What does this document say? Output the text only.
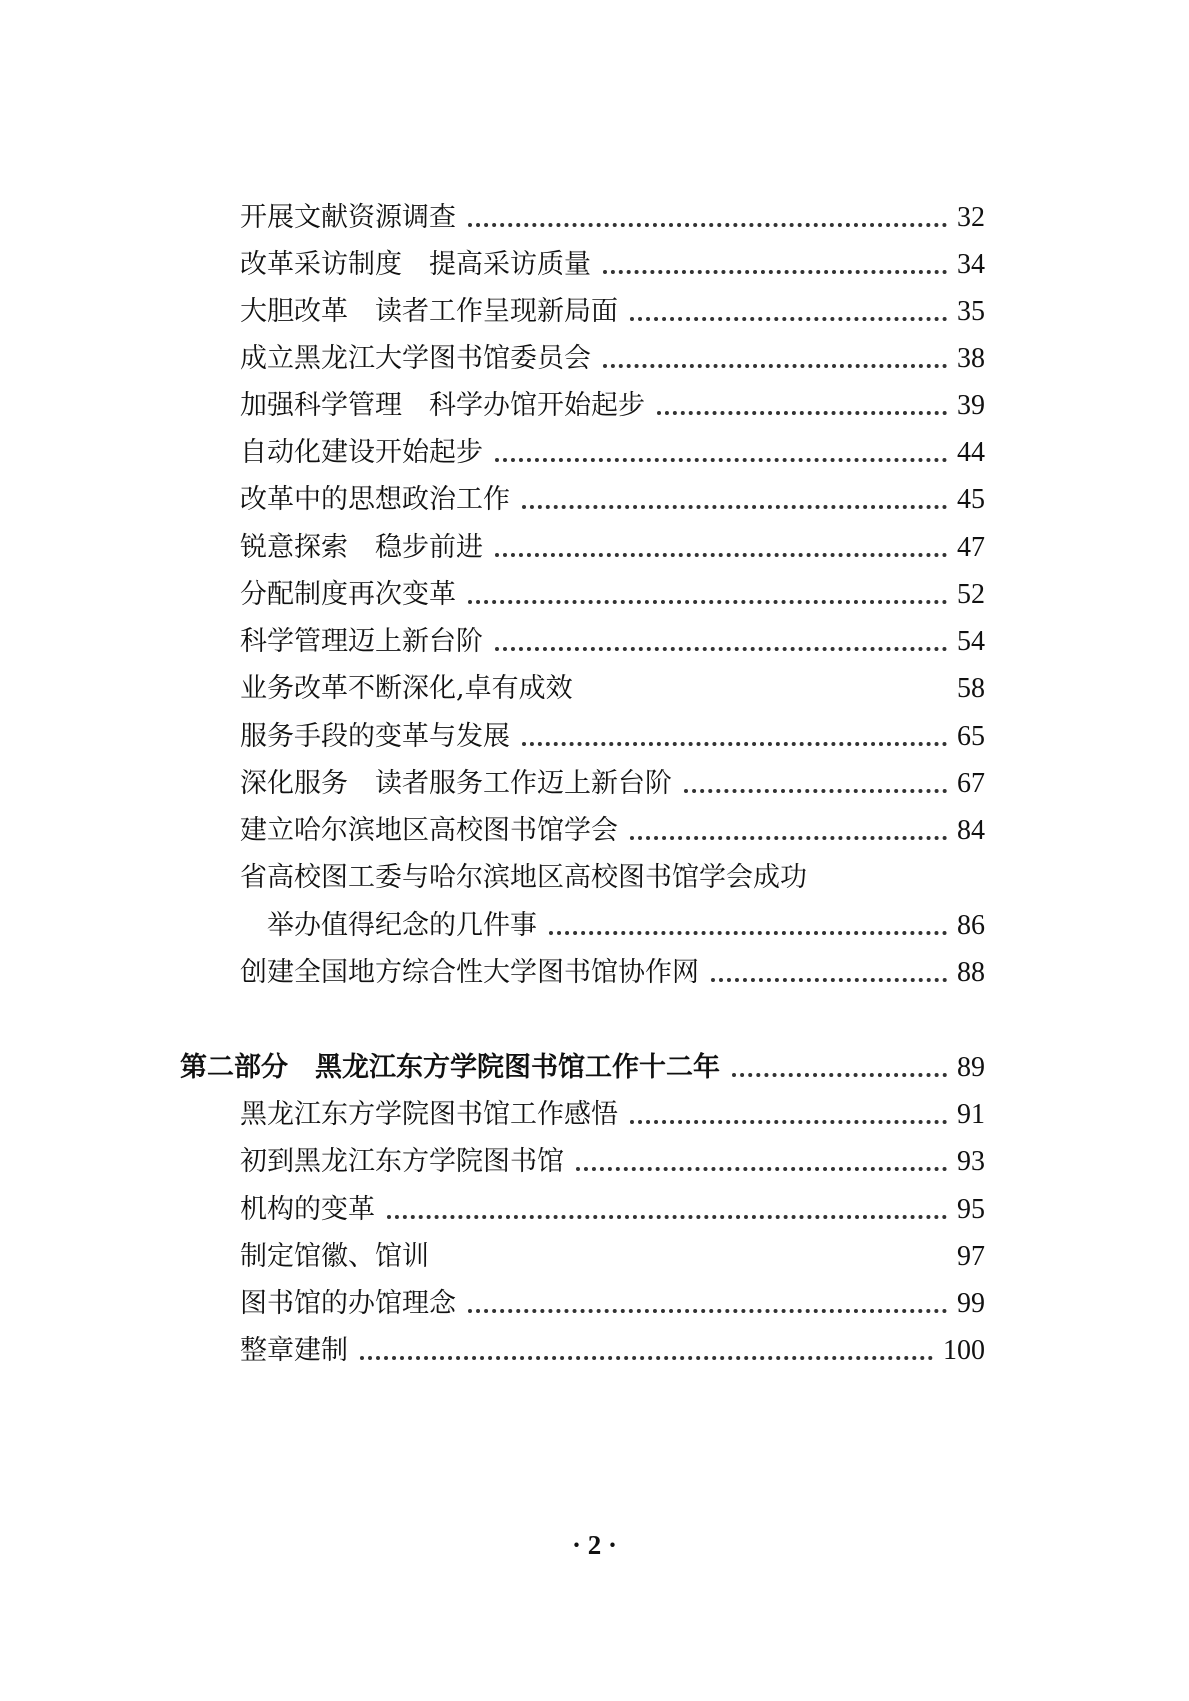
开展文献资源调查	32
改革采访制度　提高采访质量	34
大胆改革　读者工作呈现新局面	35
成立黑龙江大学图书馆委员会	38
加强科学管理　科学办馆开始起步	39
自动化建设开始起步	44
改革中的思想政治工作	45
锐意探索　稳步前进	47
分配制度再次变革	52
科学管理迈上新台阶	54
业务改革不断深化,卓有成效	58
服务手段的变革与发展	65
深化服务　读者服务工作迈上新台阶	67
建立哈尔滨地区高校图书馆学会	84
省高校图工委与哈尔滨地区高校图书馆学会成功
举办值得纪念的几件事	86
创建全国地方综合性大学图书馆协作网	88
第二部分　黑龙江东方学院图书馆工作十二年	89
黑龙江东方学院图书馆工作感悟	91
初到黑龙江东方学院图书馆	93
机构的变革	95
制定馆徽、馆训	97
图书馆的办馆理念	99
整章建制	100
· 2 ·
